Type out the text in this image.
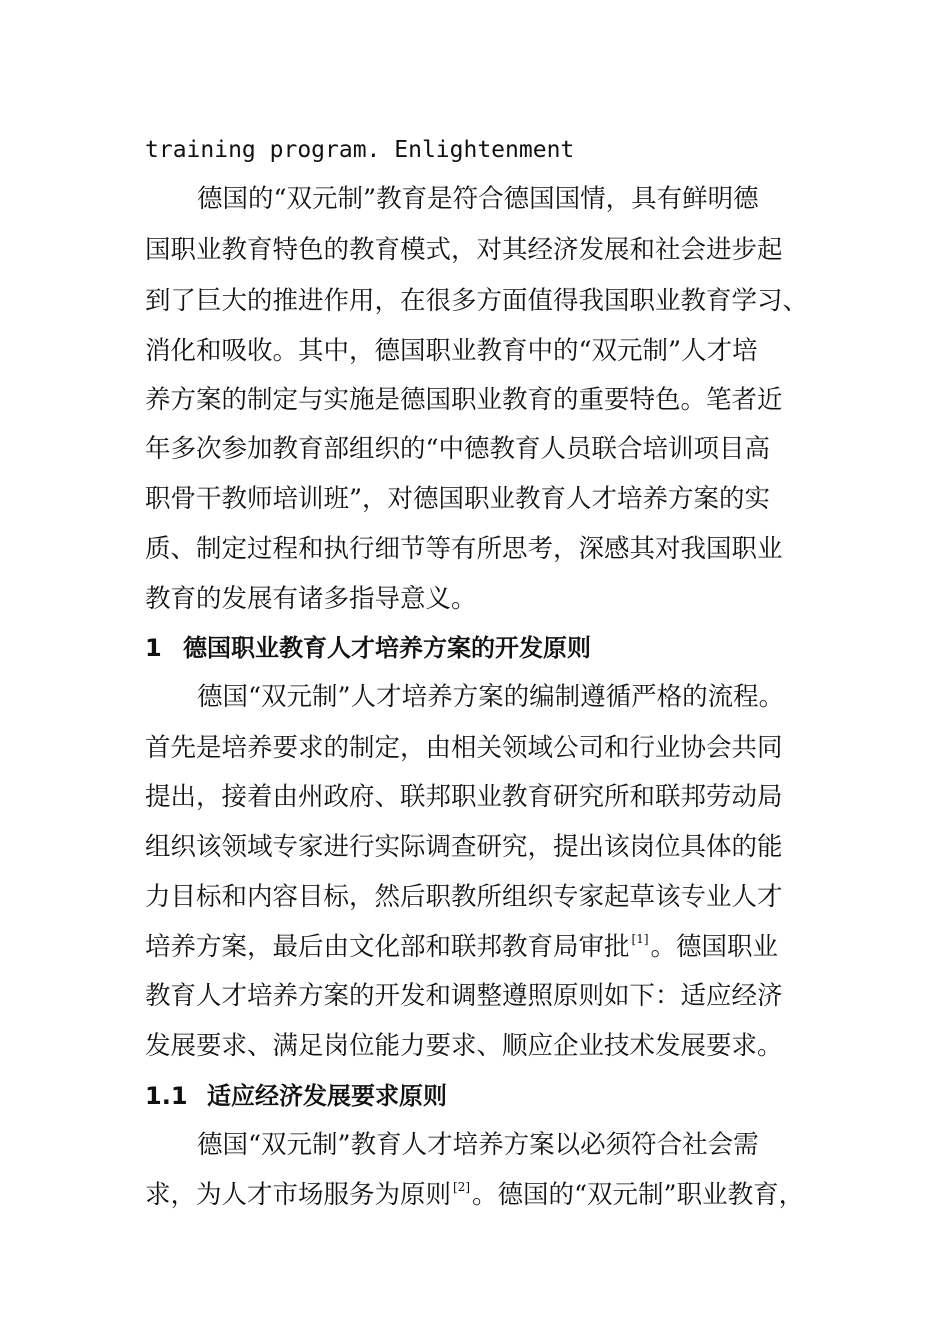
training program. Enlightenment
德国的“双元制”教育是符合德国国情，具有鲜明德
国职业教育特色的教育模式，对其经济发展和社会进步起
到了巨大的推进作用，在很多方面值得我国职业教育学习、
消化和吸收。其中，德国职业教育中的“双元制”人才培
养方案的制定与实施是德国职业教育的重要特色。笔者近
年多次参加教育部组织的“中德教育人员联合培训项目高
职骨干教师培训班”，对德国职业教育人才培养方案的实
质、制定过程和执行细节等有所思考，深感其对我国职业
教育的发展有诸多指导意义。
1 德国职业教育人才培养方案的开发原则
德国“双元制”人才培养方案的编制遵循严格的流程。
首先是培养要求的制定，由相关领域公司和行业协会共同
提出，接着由州政府、联邦职业教育研究所和联邦劳动局
组织该领域专家进行实际调查研究，提出该岗位具体的能
力目标和内容目标，然后职教所组织专家起草该专业人才
培养方案，最后由文化部和联邦教育局审批 [1]。德国职业
教育人才培养方案的开发和调整遵照原则如下：适应经济
发展要求、满足岗位能力要求、顺应企业技术发展要求。
1.1 适应经济发展要求原则
德国“双元制”教育人才培养方案以必须符合社会需
求，为人才市场服务为原则 [2]。德国的“双元制”职业教育，
